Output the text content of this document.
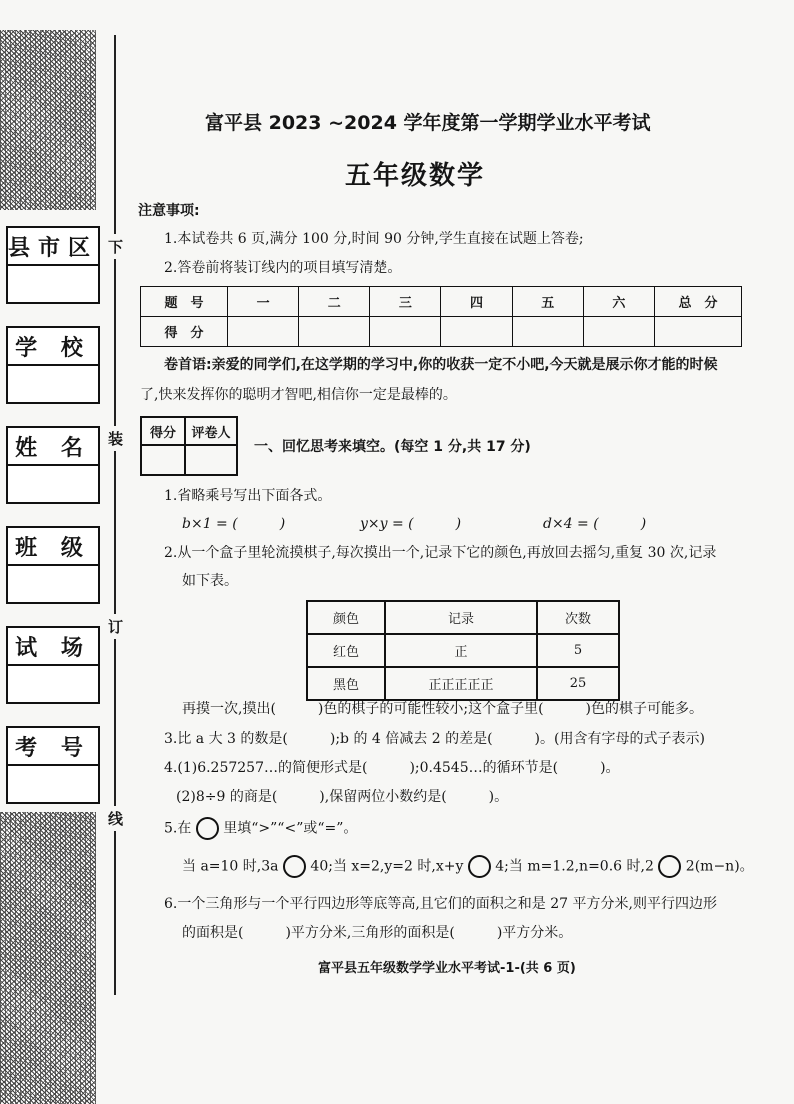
县市区
学 校
姓 名
班 级
试 场
考 号
下
装
订
线
富平县 2023 ~2024 学年度第一学期学业水平考试
五年级数学
注意事项:
1.本试卷共 6 页,满分 100 分,时间 90 分钟,学生直接在试题上答卷;
2.答卷前将装订线内的项目填写清楚。
题　号	一	二	三	四	五	六	总　分
得　分							
卷首语:亲爱的同学们,在这学期的学习中,你的收获一定不小吧,今天就是展示你才能的时候
了,快来发挥你的聪明才智吧,相信你一定是最棒的。
得分	评卷人

一、回忆思考来填空。(每空 1 分,共 17 分)
1.省略乘号写出下面各式。
b×1 = (　　　)	y×y = (　　　)	d×4 = (　　　)
2.从一个盒子里轮流摸棋子,每次摸出一个,记录下它的颜色,再放回去摇匀,重复 30 次,记录
如下表。
颜色	记录	次数
红色	正	5
黑色	正正正正正	25
再摸一次,摸出(　　　)色的棋子的可能性较小;这个盒子里(　　　)色的棋子可能多。
3.比 a 大 3 的数是(　　　);b 的 4 倍减去 2 的差是(　　　)。(用含有字母的式子表示)
4.(1)6.257257…的简便形式是(　　　);0.4545…的循环节是(　　　)。
(2)8÷9 的商是(　　　),保留两位小数约是(　　　)。
5.在 里填“>”“<”或“=”。
当 a=10 时,3a 40;当 x=2,y=2 时,x+y 4;当 m=1.2,n=0.6 时,2 2(m−n)。
6.一个三角形与一个平行四边形等底等高,且它们的面积之和是 27 平方分米,则平行四边形
的面积是(　　　)平方分米,三角形的面积是(　　　)平方分米。
富平县五年级数学学业水平考试-1-(共 6 页)
